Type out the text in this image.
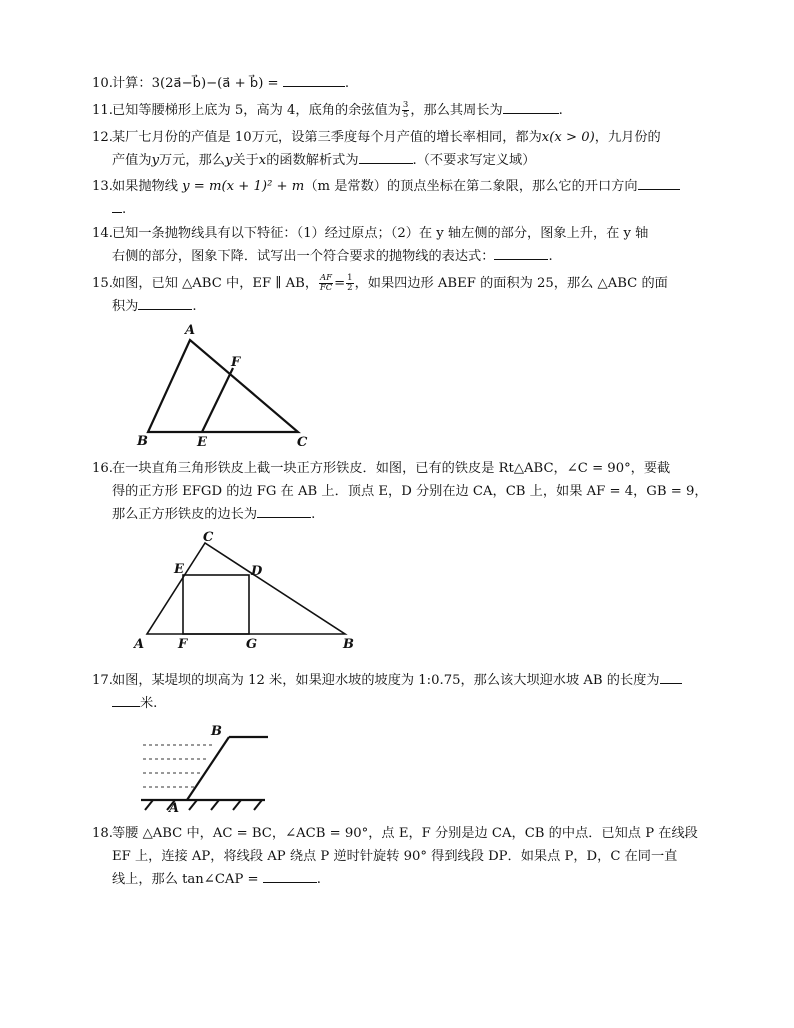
10. 计算：3(2a⃗−b⃗)−(a⃗ + b⃗) =	.
11. 已知等腰梯形上底为 5，高为 4，底角的余弦值为 $\frac{3}{5}$ ，那么其周长为	.
12. 某厂七月份的产值是 10万元，设第三季度每个月产值的增长率相同，都为x(x > 0)，九月份的
产值为y万元，那么y关于x的函数解析式为	.（不要求写定义域）
13. 如果抛物线 y = m(x + 1)² + m（m 是常数）的顶点坐标在第二象限，那么它的开口方向
.
14. 已知一条抛物线具有以下特征：（1）经过原点；（2）在 y 轴左侧的部分，图象上升，在 y 轴
右侧的部分，图象下降．试写出一个符合要求的抛物线的表达式：	.
15. 如图，已知 △ABC 中，EF ∥ AB， $\frac{AF}{FC} = \frac{1}{2}$ ，如果四边形 ABEF 的面积为 25，那么 △ABC 的面
积为	.
A
F
B	E	C
16. 在一块直角三角形铁皮上截一块正方形铁皮．如图，已有的铁皮是 Rt△ABC，∠C = 90°，要截
得的正方形 EFGD 的边 FG 在 AB 上．顶点 E，D 分别在边 CA，CB 上，如果 AF = 4，GB = 9，
那么正方形铁皮的边长为	.
C
E	D
A	F	G	B
17. 如图，某堤坝的坝高为 12 米，如果迎水坡的坡度为 1:0.75，那么该大坝迎水坡 AB 的长度为
米.
B
A
18. 等腰 △ABC 中，AC = BC，∠ACB = 90°，点 E，F 分别是边 CA，CB 的中点．已知点 P 在线段
EF 上，连接 AP，将线段 AP 绕点 P 逆时针旋转 90° 得到线段 DP．如果点 P，D，C 在同一直
线上，那么 tan∠CAP =	.
